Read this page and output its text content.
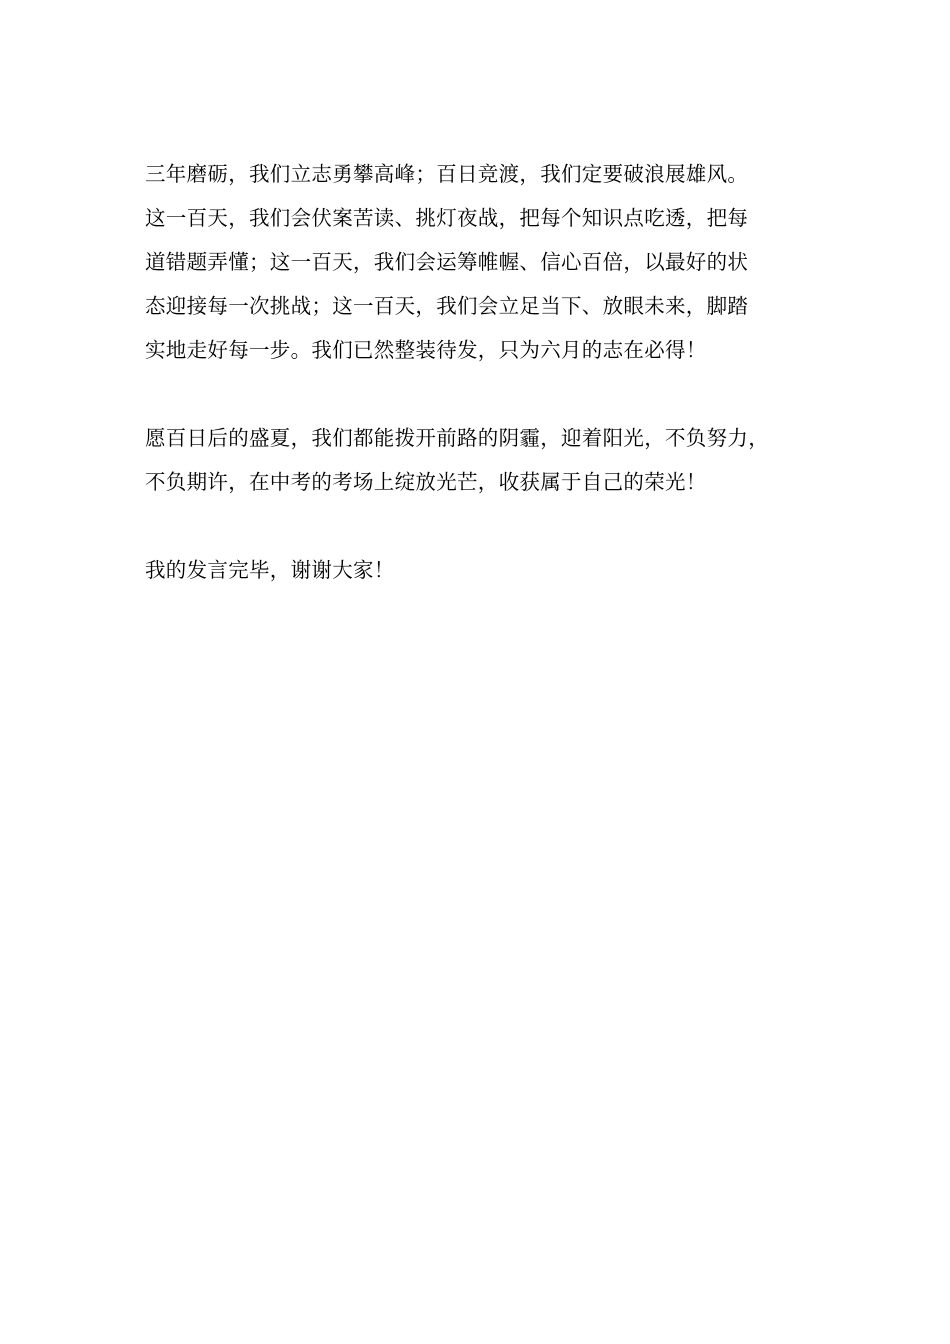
三年磨砺，我们立志勇攀高峰；百日竞渡，我们定要破浪展雄风。
这一百天，我们会伏案苦读、挑灯夜战，把每个知识点吃透，把每
道错题弄懂；这一百天，我们会运筹帷幄、信心百倍，以最好的状
态迎接每一次挑战；这一百天，我们会立足当下、放眼未来，脚踏
实地走好每一步。我们已然整装待发，只为六月的志在必得！

愿百日后的盛夏，我们都能拨开前路的阴霾，迎着阳光，不负努力，
不负期许，在中考的考场上绽放光芒，收获属于自己的荣光！

我的发言完毕，谢谢大家！
